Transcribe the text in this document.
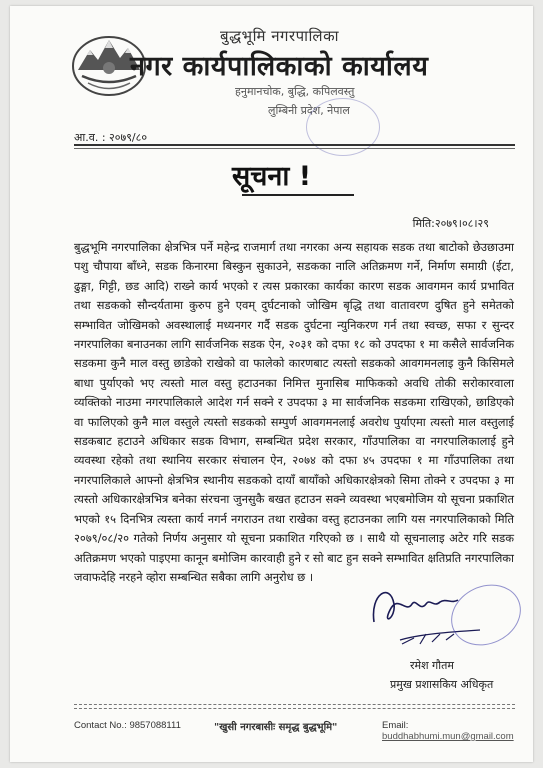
बुद्धभूमि नगरपालिका
नगर कार्यपालिकाको कार्यालय
हनुमानचोक, बुद्धि, कपिलवस्तु
लुम्बिनी प्रदेश, नेपाल
आ.व. : २०७९/८०
सूचना !
मिति:२०७९।०८।२९
बुद्धभूमि नगरपालिका क्षेत्रभित्र पर्ने महेन्द्र राजमार्ग तथा नगरका अन्य सहायक सडक तथा बाटोको छेउछाउमा पशु चौपाया बाँध्ने, सडक किनारमा बिस्कुन सुकाउने, सडकका नालि अतिक्रमण गर्ने, निर्माण समाग्री (ईटा, ढुङ्गा, गिट्टी, छड आदि) राख्ने कार्य भएको र त्यस प्रकारका कार्यका कारण सडक आवगमन कार्य प्रभावित तथा सडकको सौन्दर्यतामा कुरुप हुने एवम् दुर्घटनाको जोखिम बृद्धि तथा वातावरण दुषित हुने समेतको सम्भावित जोखिमको अवस्थालाई मध्यनगर गर्दै सडक दुर्घटना न्युनिकरण गर्न तथा स्वच्छ, सफा र सुन्दर नगरपालिका बनाउनका लागि सार्वजनिक सडक ऐन, २०३१ को दफा १८ को उपदफा १ मा कसैले सार्वजनिक सडकमा कुनै माल वस्तु छाडेको राखेको वा फालेको कारणबाट त्यस्तो सडकको आवगमनलाइ कुनै किसिमले बाधा पुर्याएको भए त्यस्तो माल वस्तु हटाउनका निमित्त मुनासिब माफिकको अवधि तोकी सरोकारवाला व्यक्तिको नाउमा नगरपालिकाले आदेश गर्न सक्ने र उपदफा ३ मा सार्वजनिक सडकमा राखिएको, छाडिएको वा फालिएको कुनै माल वस्तुले त्यस्तो सडकको सम्पुर्ण आवगमनलाई अवरोध पुर्याएमा त्यस्तो माल वस्तुलाई सडकबाट हटाउने अधिकार सडक विभाग, सम्बन्धित प्रदेश सरकार, गाँउपालिका वा नगरपालिकालाई हुने व्यवस्था रहेको तथा स्थानिय सरकार संचालन ऐन, २०७४ को दफा ४५ उपदफा १ मा गाँउपालिका तथा नगरपालिकाले आफ्नो क्षेत्रभित्र स्थानीय सडकको दायाँ बायाँको अधिकारक्षेत्रको सिमा तोक्ने र उपदफा ३ मा त्यस्तो अधिकारक्षेत्रभित्र बनेका संरचना जुनसुकै बखत हटाउन सक्ने व्यवस्था भएबमोजिम यो सूचना प्रकाशित भएको १५ दिनभित्र त्यस्ता कार्य नगर्न नगराउन तथा राखेका वस्तु हटाउनका लागि यस नगरपालिकाको मिति २०७९/०८/२० गतेको निर्णय अनुसार यो सूचना प्रकाशित गरिएको छ । साथै यो सूचनालाइ अटेर गरि सडक अतिक्रमण भएको पाइएमा कानून बमोजिम कारवाही हुने र सो बाट हुन सक्ने सम्भावित क्षतिप्रति नगरपालिका जवाफदेहि नरहने व्होरा सम्बन्धित सबैका लागि अनुरोध छ ।
रमेश गौतम
प्रमुख प्रशासकिय अधिकृत
Contact No.: 9857088111	"खुसी नगरबासीः समृद्ध बुद्धभूमि"	Email: buddhabhumi.mun@gmail.com
